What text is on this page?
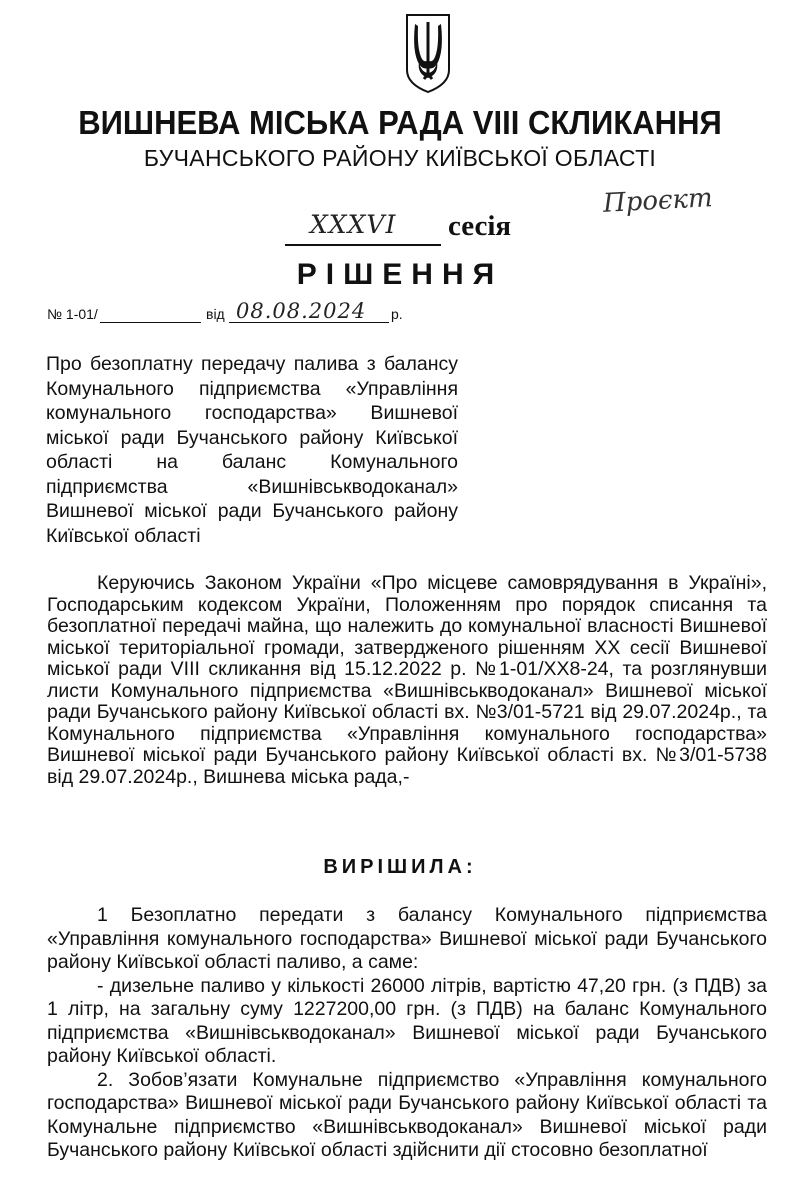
ВИШНЕВА МІСЬКА РАДА VIII СКЛИКАННЯ
БУЧАНСЬКОГО РАЙОНУ КИЇВСЬКОЇ ОБЛАСТІ
Проєкт
XXXVI сесія
РІШЕННЯ
№ 1-01/	від 08.08.2024 р.
Про безоплатну передачу палива з балансу Комунального підприємства «Управління комунального господарства» Вишневої міської ради Бучанського району Київської області на баланс Комунального підприємства «Вишнівськводоканал» Вишневої міської ради Бучанського району Київської області

Керуючись Законом України «Про місцеве самоврядування в Україні», Господарським кодексом України, Положенням про порядок списання та безоплатної передачі майна, що належить до комунальної власності Вишневої міської територіальної громади, затвердженого рішенням ХХ сесії Вишневої міської ради VIII скликання від 15.12.2022 р. №1-01/ХХ8-24, та розглянувши листи Комунального підприємства «Вишнівськводоканал» Вишневої міської ради Бучанського району Київської області вх. №3/01-5721 від 29.07.2024р., та Комунального підприємства «Управління комунального господарства» Вишневої міської ради Бучанського району Київської області вх. №3/01-5738 від 29.07.2024р., Вишнева міська рада,-

ВИРІШИЛА:

1 Безоплатно передати з балансу Комунального підприємства «Управління комунального господарства» Вишневої міської ради Бучанського району Київської області паливо, а саме:

- дизельне паливо у кількості 26000 літрів, вартістю 47,20 грн. (з ПДВ) за 1 літр, на загальну суму 1227200,00 грн. (з ПДВ) на баланс Комунального підприємства «Вишнівськводоканал» Вишневої міської ради Бучанського району Київської області.

2. Зобов’язати Комунальне підприємство «Управління комунального господарства» Вишневої міської ради Бучанського району Київської області та Комунальне підприємство «Вишнівськводоканал» Вишневої міської ради Бучанського району Київської області здійснити дії стосовно безоплатної
